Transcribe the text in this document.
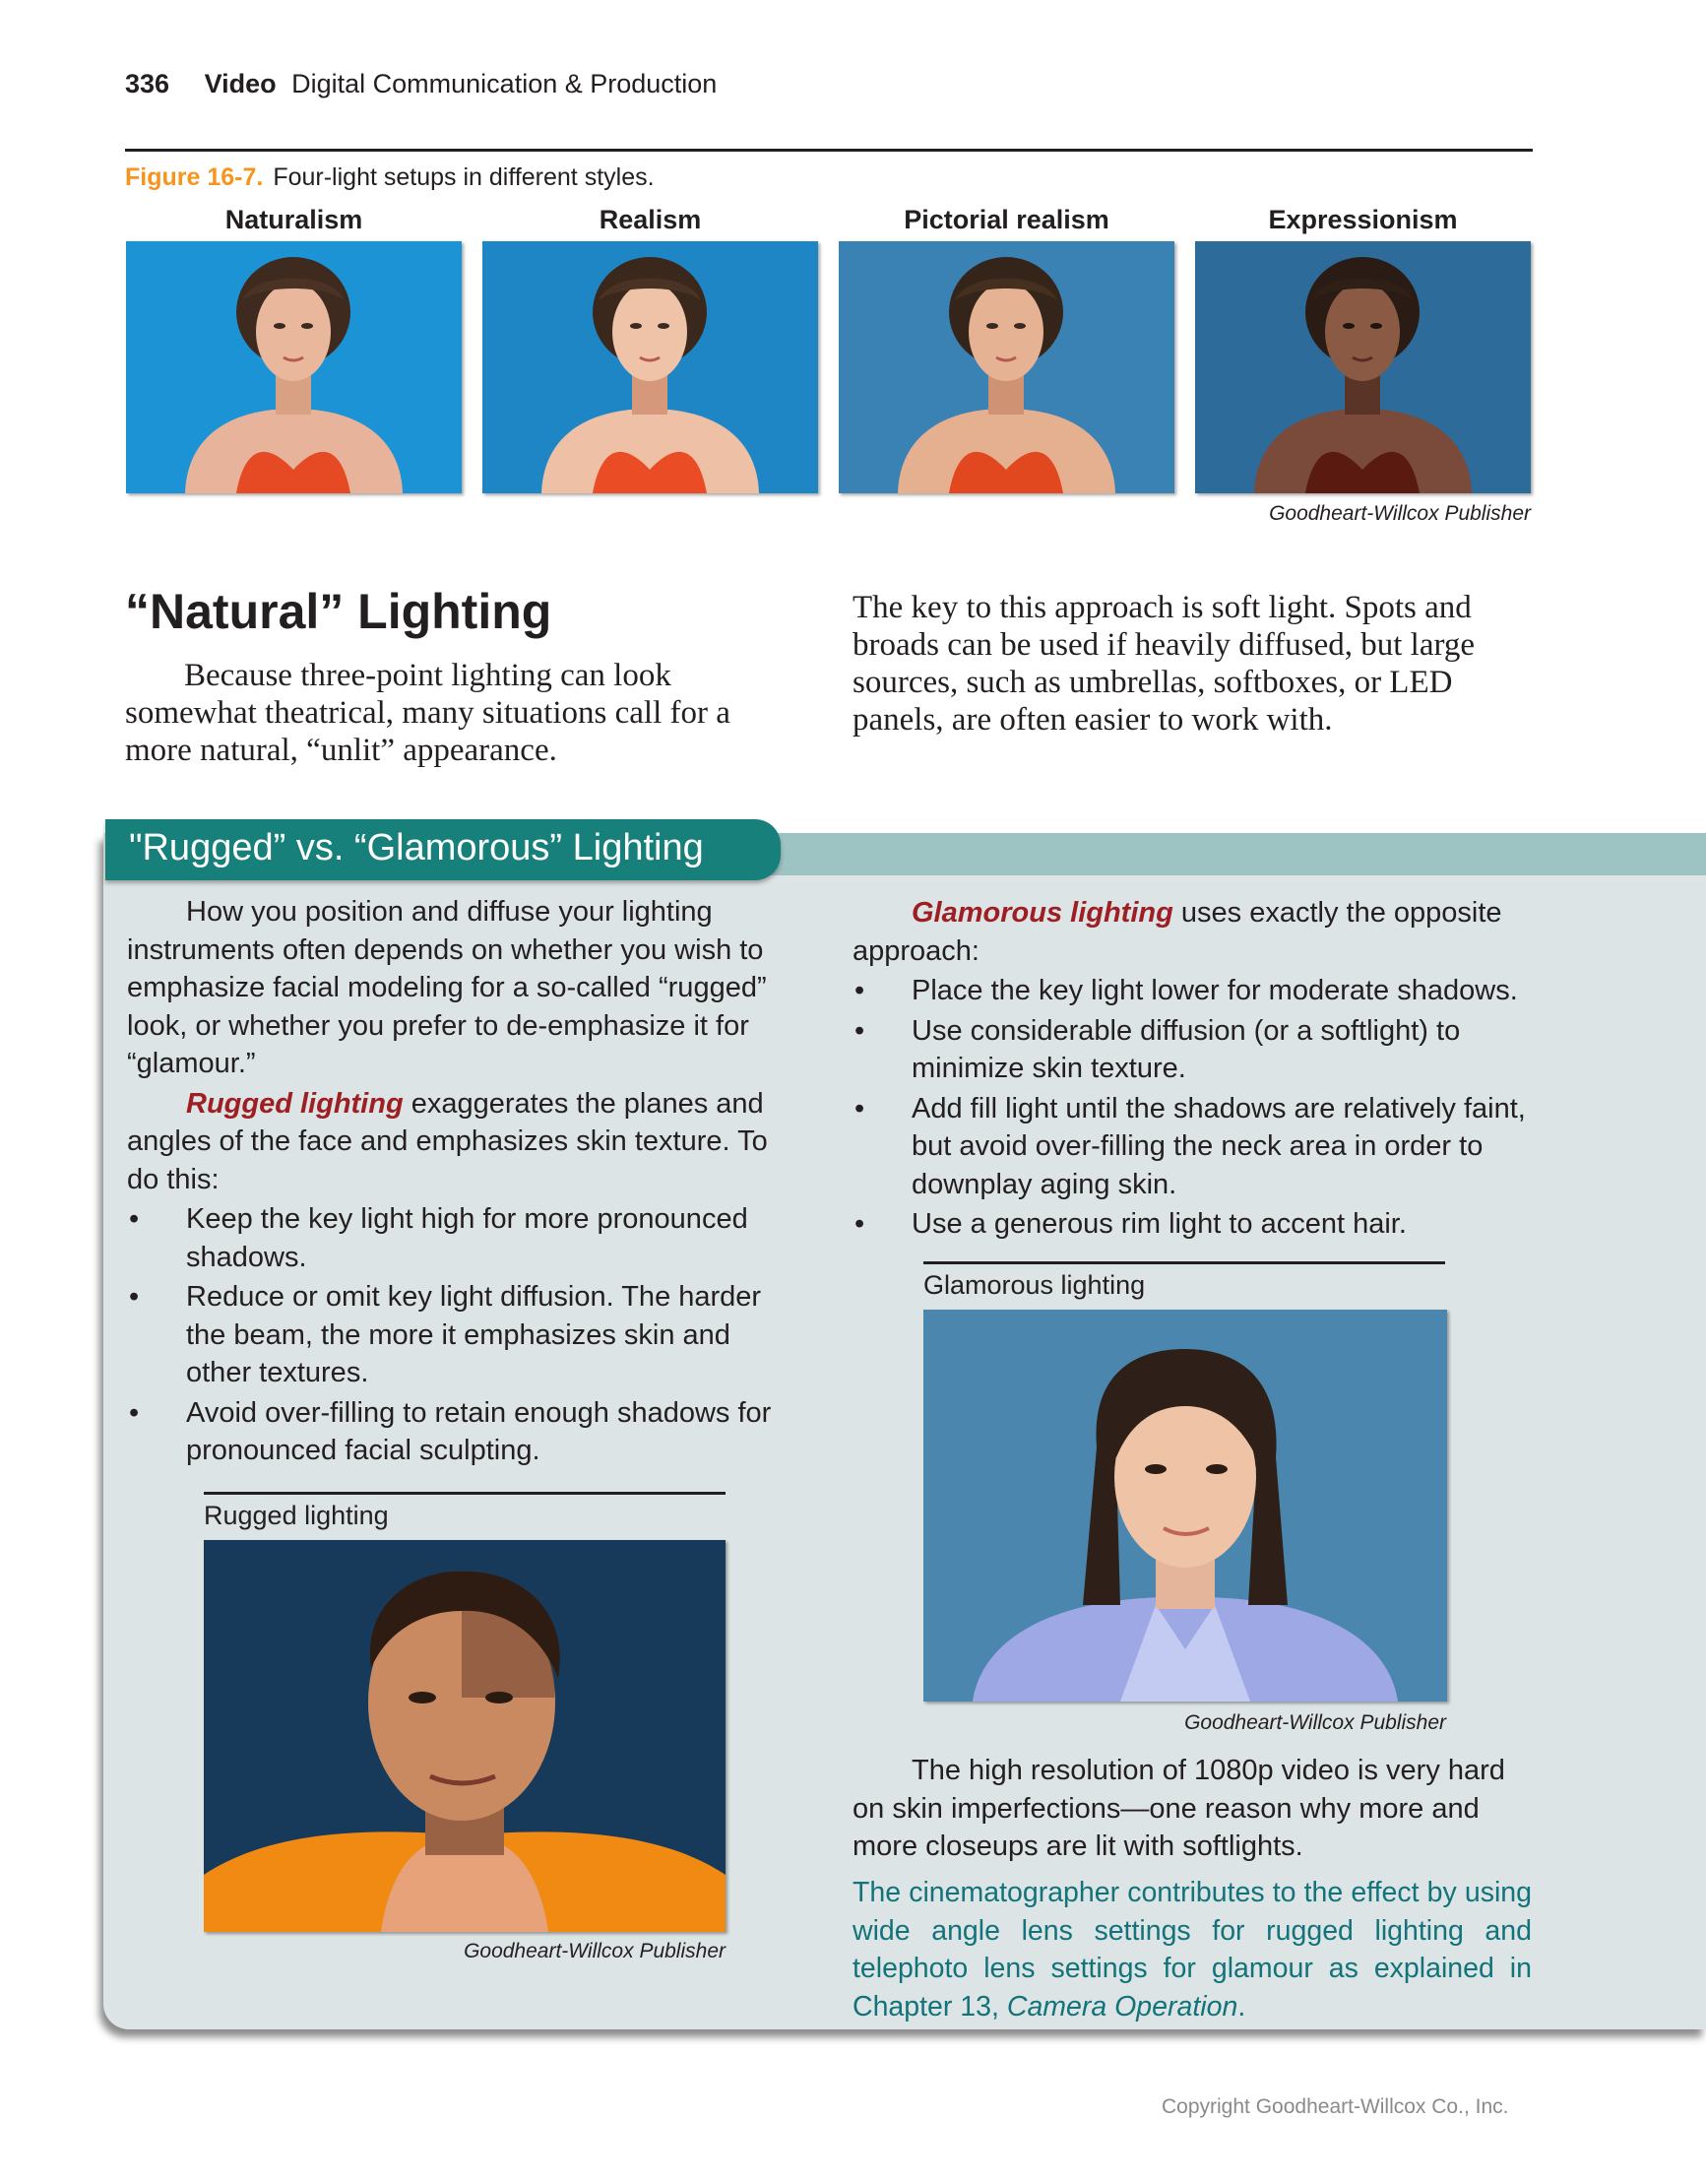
336 Video Digital Communication & Production
Figure 16-7. Four-light setups in different styles.
Naturalism	Realism	Pictorial realism	Expressionism
Goodheart-Willcox Publisher
“Natural” Lighting

Because three-point lighting can look somewhat theatrical, many situations call for a more natural, “unlit” appearance.

The key to this approach is soft light. Spots and broads can be used if heavily diffused, but large sources, such as umbrellas, softboxes, or LED panels, are often easier to work with.

"Rugged” vs. “Glamorous” Lighting

How you position and diffuse your lighting instruments often depends on whether you wish to emphasize facial modeling for a so-called “rugged” look, or whether you prefer to de-emphasize it for “glamour.”

Rugged lighting exaggerates the planes and angles of the face and emphasizes skin texture. To do this:

• Keep the key light high for more pronounced shadows.
• Reduce or omit key light diffusion. The harder the beam, the more it emphasizes skin and other textures.
• Avoid over-filling to retain enough shadows for pronounced facial sculpting.
Rugged lighting
Goodheart-Willcox Publisher

Glamorous lighting uses exactly the opposite approach:

• Place the key light lower for moderate shadows.
• Use considerable diffusion (or a softlight) to minimize skin texture.
• Add fill light until the shadows are relatively faint, but avoid over-filling the neck area in order to downplay aging skin.
• Use a generous rim light to accent hair.
Glamorous lighting
Goodheart-Willcox Publisher

The high resolution of 1080p video is very hard on skin imperfections—one reason why more and more closeups are lit with softlights.

The cinematographer contributes to the effect by using wide angle lens settings for rugged lighting and telephoto lens settings for glamour as explained in Chapter 13, Camera Operation.
Copyright Goodheart-Willcox Co., Inc.
